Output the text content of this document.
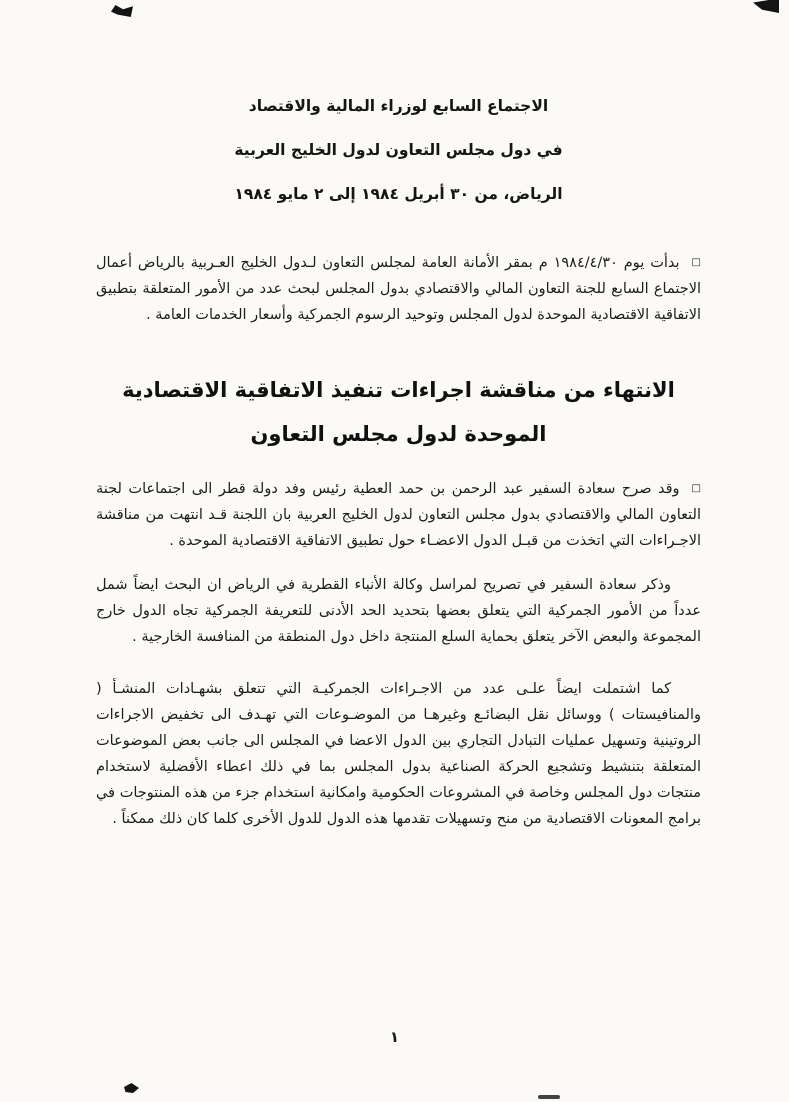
الاجتماع السابع لوزراء المالية والاقتصاد
في دول مجلس التعاون لدول الخليج العربية
الرياض، من ٣٠ أبريل ١٩٨٤ إلى ٢ مايو ١٩٨٤

□بدأت يوم ١٩٨٤/٤/٣٠ م بمقر الأمانة العامة لمجلس التعاون لـدول الخليج العـربية بالرياض أعمال الاجتماع السابع للجنة التعاون المالي والاقتصادي بدول المجلس لبحث عدد من الأمور المتعلقة بتطبيق الاتفاقية الاقتصادية الموحدة لدول المجلس وتوحيد الرسوم الجمركية وأسعار الخدمات العامة .

الانتهاء من مناقشة اجراءات تنفيذ الاتفاقية الاقتصادية
الموحدة لدول مجلس التعاون

□وقد صرح سعادة السفير عبد الرحمن بن حمد العطية رئيس وفد دولة قطر الى اجتماعات لجنة التعاون المالي والاقتصادي بدول مجلس التعاون لدول الخليج العربية بان اللجنة قـد انتهت من مناقشة الاجـراءات التي اتخذت من قبـل الدول الاعضـاء حول تطبيق الاتفاقية الاقتصادية الموحدة .

وذكر سعادة السفير في تصريح لمراسل وكالة الأنباء القطرية في الرياض ان البحث ايضاً شمل عدداً من الأمور الجمركية التي يتعلق بعضها بتحديد الحد الأدنى للتعريفة الجمركية تجاه الدول خارج المجموعة والبعض الآخر يتعلق بحماية السلع المنتجة داخل دول المنطقة من المنافسة الخارجية .

كما اشتملت ايضاً علـى عدد من الاجـراءات الجمركيـة التي تتعلق بشهـادات المنشـأ ( والمنافيستات ) ووسائل نقل البضائـع وغيرهـا من الموضـوعات التي تهـدف الى تخفيض الاجراءات الروتينية وتسهيل عمليات التبادل التجاري بين الدول الاعضا في المجلس الى جانب بعض الموضوعات المتعلقة بتنشيط وتشجيع الحركة الصناعية بدول المجلس بما في ذلك اعطاء الأفضلية لاستخدام منتجات دول المجلس وخاصة في المشروعات الحكومية وامكانية استخدام جزء من هذه المنتوجات في برامج المعونات الاقتصادية من منح وتسهيلات تقدمها هذه الدول للدول الأخرى كلما كان ذلك ممكناً .

١
